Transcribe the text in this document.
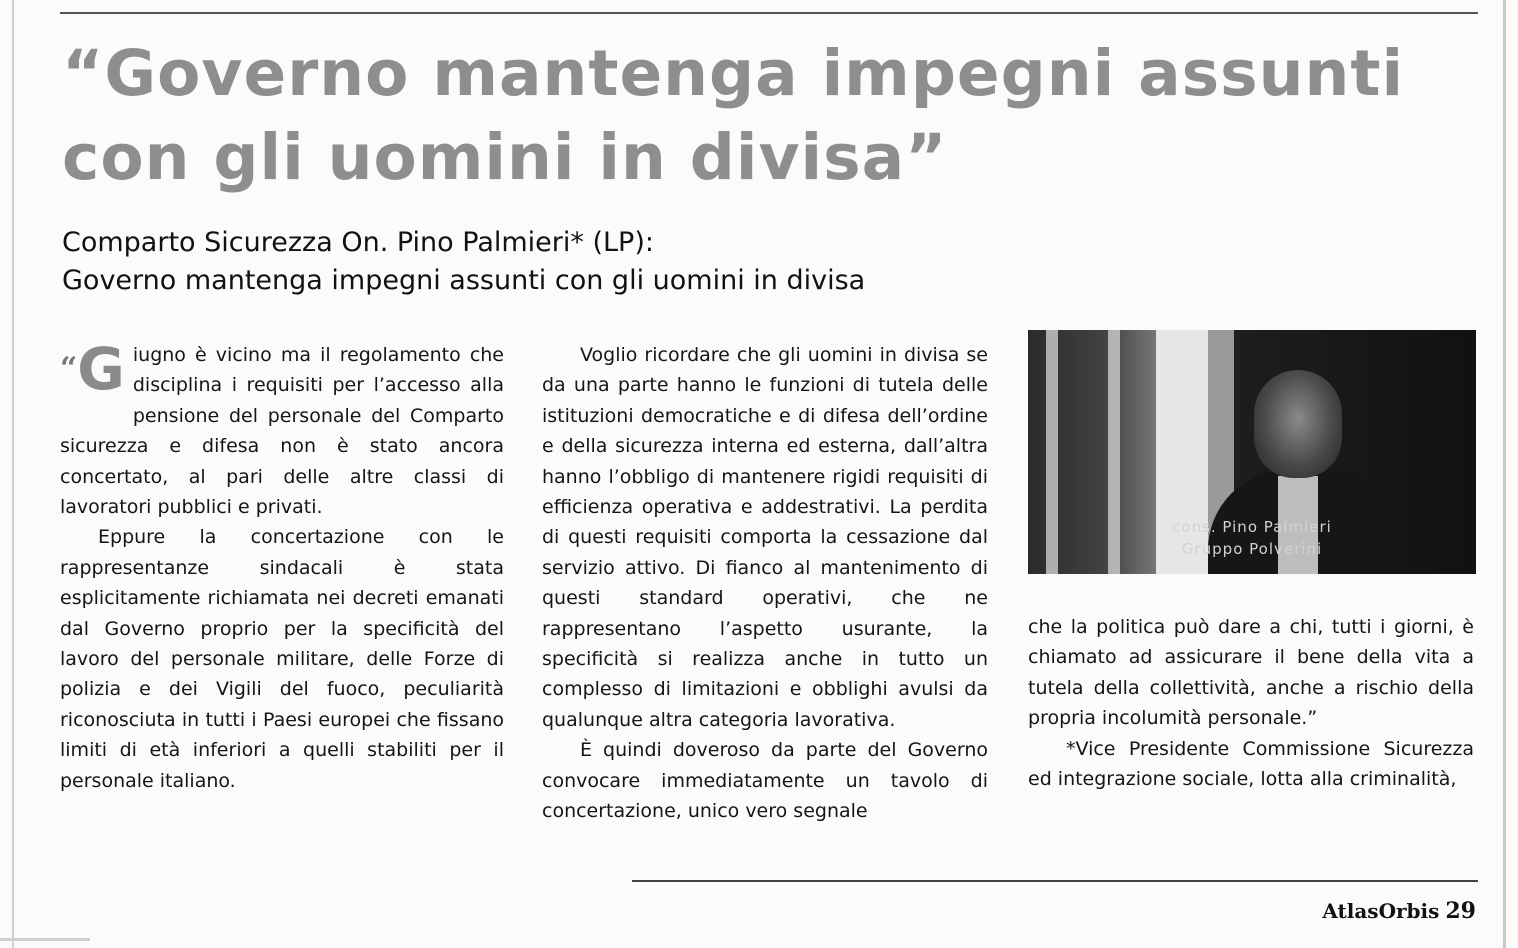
“Governo mantenga impegni assunti
con gli uomini in divisa”
Comparto Sicurezza On. Pino Palmieri* (LP):
Governo mantenga impegni assunti con gli uomini in divisa

“G iugno è vicino ma il regolamento che disciplina i requisiti per l’accesso alla pensione del personale del Comparto sicurezza e difesa non è stato ancora concertato, al pari delle altre classi di lavoratori pubblici e privati.

Eppure la concertazione con le rappresentanze sindacali è stata esplicitamente richiamata nei decreti emanati dal Governo proprio per la specificità del lavoro del personale militare, delle Forze di polizia e dei Vigili del fuoco, peculiarità riconosciuta in tutti i Paesi europei che fissano limiti di età inferiori a quelli stabiliti per il personale italiano.

Voglio ricordare che gli uomini in divisa se da una parte hanno le funzioni di tutela delle istituzioni democratiche e di difesa dell’ordine e della sicurezza interna ed esterna, dall’altra hanno l’obbligo di mantenere rigidi requisiti di efficienza operativa e addestrativi. La perdita di questi requisiti comporta la cessazione dal servizio attivo. Di fianco al mantenimento di questi standard operativi, che ne rappresentano l’aspetto usurante, la specificità si realizza anche in tutto un complesso di limitazioni e obblighi avulsi da qualunque altra categoria lavorativa.

È quindi doveroso da parte del Governo convocare immediatamente un tavolo di concertazione, unico vero segnale

cons. Pino Palmieri
Gruppo Polverini

che la politica può dare a chi, tutti i giorni, è chiamato ad assicurare il bene della vita a tutela della collettività, anche a rischio della propria incolumità personale.”

*Vice Presidente Commissione Sicurezza ed integrazione sociale, lotta alla criminalità,

AtlasOrbis 29
